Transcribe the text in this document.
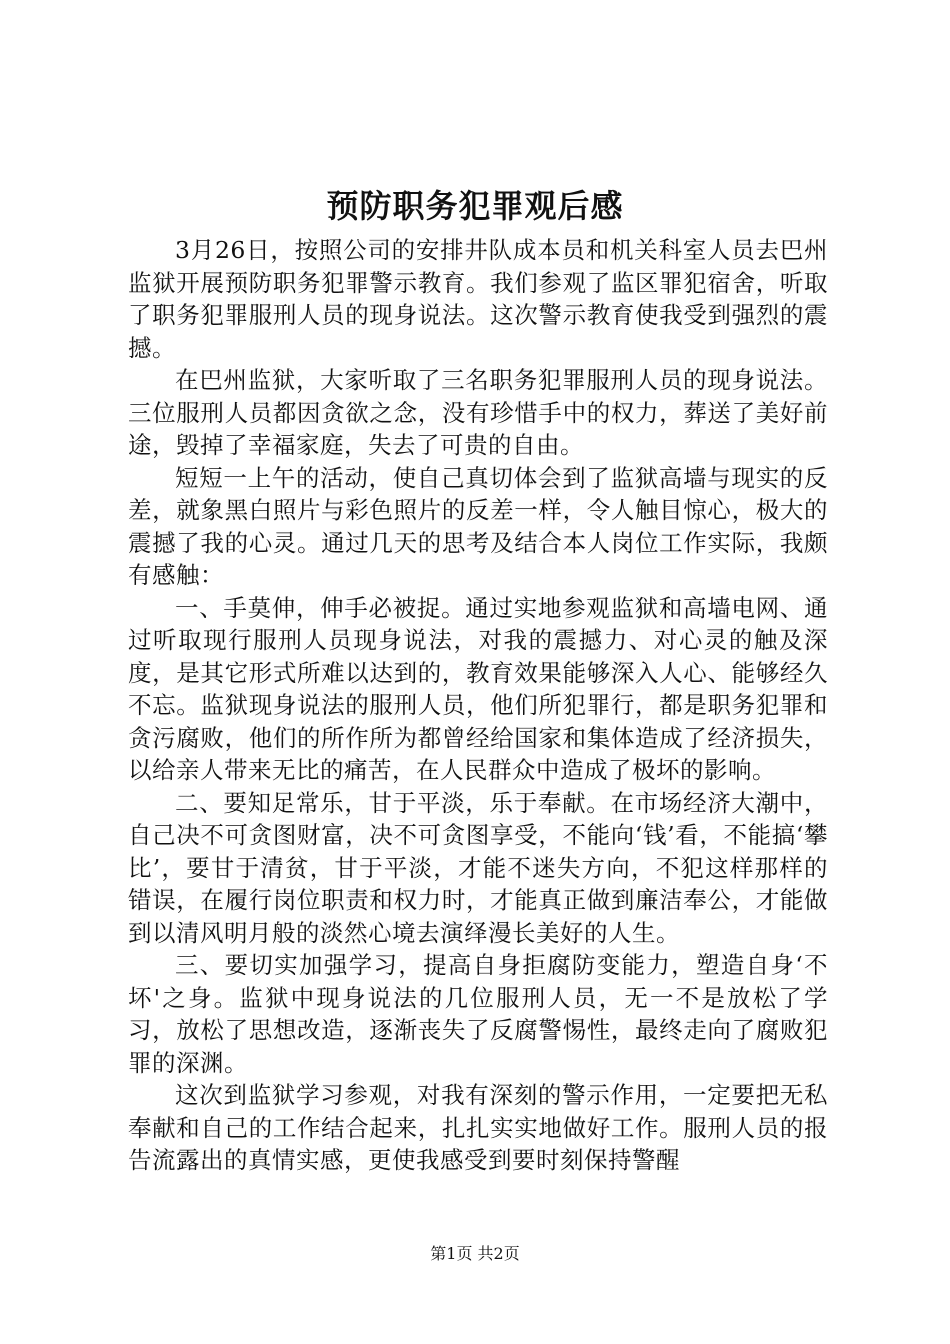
预防职务犯罪观后感

3月26日，按照公司的安排井队成本员和机关科室人员去巴州监狱开展预防职务犯罪警示教育。我们参观了监区罪犯宿舍，听取了职务犯罪服刑人员的现身说法。这次警示教育使我受到强烈的震撼。

在巴州监狱，大家听取了三名职务犯罪服刑人员的现身说法。三位服刑人员都因贪欲之念，没有珍惜手中的权力，葬送了美好前途，毁掉了幸福家庭，失去了可贵的自由。

短短一上午的活动，使自己真切体会到了监狱高墙与现实的反差，就象黑白照片与彩色照片的反差一样，令人触目惊心，极大的震撼了我的心灵。通过几天的思考及结合本人岗位工作实际，我颇有感触：

一、手莫伸，伸手必被捉。通过实地参观监狱和高墙电网、通过听取现行服刑人员现身说法，对我的震撼力、对心灵的触及深度，是其它形式所难以达到的，教育效果能够深入人心、能够经久不忘。监狱现身说法的服刑人员，他们所犯罪行，都是职务犯罪和贪污腐败，他们的所作所为都曾经给国家和集体造成了经济损失，以给亲人带来无比的痛苦，在人民群众中造成了极坏的影响。

二、要知足常乐，甘于平淡，乐于奉献。在市场经济大潮中，自己决不可贪图财富，决不可贪图享受，不能向‘钱’看，不能搞‘攀比’，要甘于清贫，甘于平淡，才能不迷失方向，不犯这样那样的错误，在履行岗位职责和权力时，才能真正做到廉洁奉公，才能做到以清风明月般的淡然心境去演绎漫长美好的人生。

三、要切实加强学习，提高自身拒腐防变能力，塑造自身‘不坏'之身。监狱中现身说法的几位服刑人员，无一不是放松了学习，放松了思想改造，逐渐丧失了反腐警惕性，最终走向了腐败犯罪的深渊。

这次到监狱学习参观，对我有深刻的警示作用，一定要把无私奉献和自己的工作结合起来，扎扎实实地做好工作。服刑人员的报告流露出的真情实感，更使我感受到要时刻保持警醒

第1页 共2页
